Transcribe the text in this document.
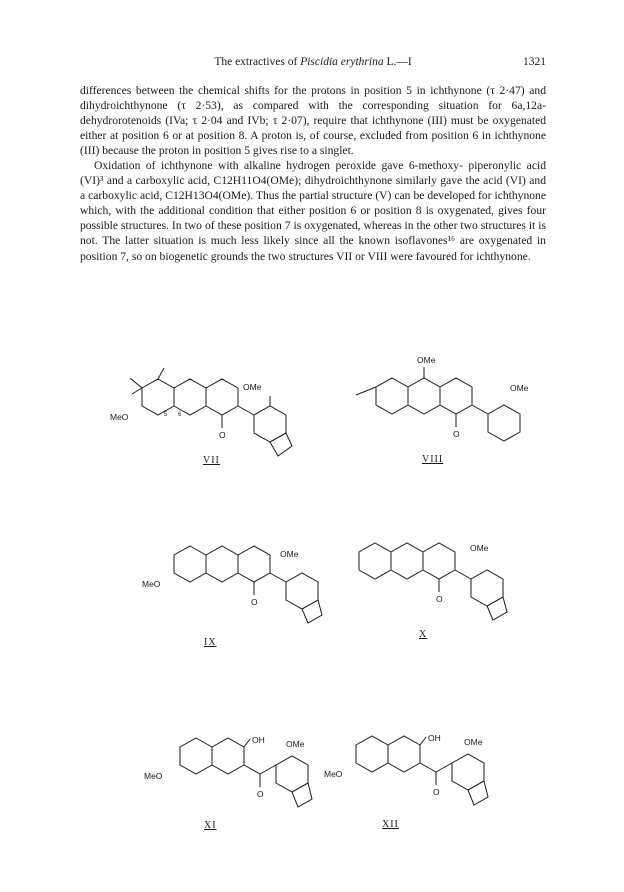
The extractives of Piscidia erythrina L.—I	1321

differences between the chemical shifts for the protons in position 5 in ichthynone (τ 2·47) and dihydroichthynone (τ 2·53), as compared with the corresponding situation for 6a,12a-dehydrorotenoids (IVa; τ 2·04 and IVb; τ 2·07), require that ichthynone (III) must be oxygenated either at position 6 or at position 8. A proton is, of course, excluded from position 6 in ichthynone (III) because the proton in position 5 gives rise to a singlet.

Oxidation of ichthynone with alkaline hydrogen peroxide gave 6-methoxy- piperonylic acid (VI)³ and a carboxylic acid, C12H11O4(OMe); dihydroichthynone similarly gave the acid (VI) and a carboxylic acid, C12H13O4(OMe). Thus the partial structure (V) can be developed for ichthynone which, with the additional condition that either position 6 or position 8 is oxygenated, gives four possible structures. In two of these position 7 is oxygenated, whereas in the other two structures it is not. The latter situation is much less likely since all the known isoflavones¹⁶ are oxygenated in position 7, so on biogenetic grounds the two structures VII or VIII were favoured for ichthynone.

OMe
MeO
O
5 6
VII
OMe
OMe
O
VIII
OMe
MeO
O
IX
OMe
O
X
OH	OMe
MeO
O
XI
OH	OMe
MeO
O
XII
